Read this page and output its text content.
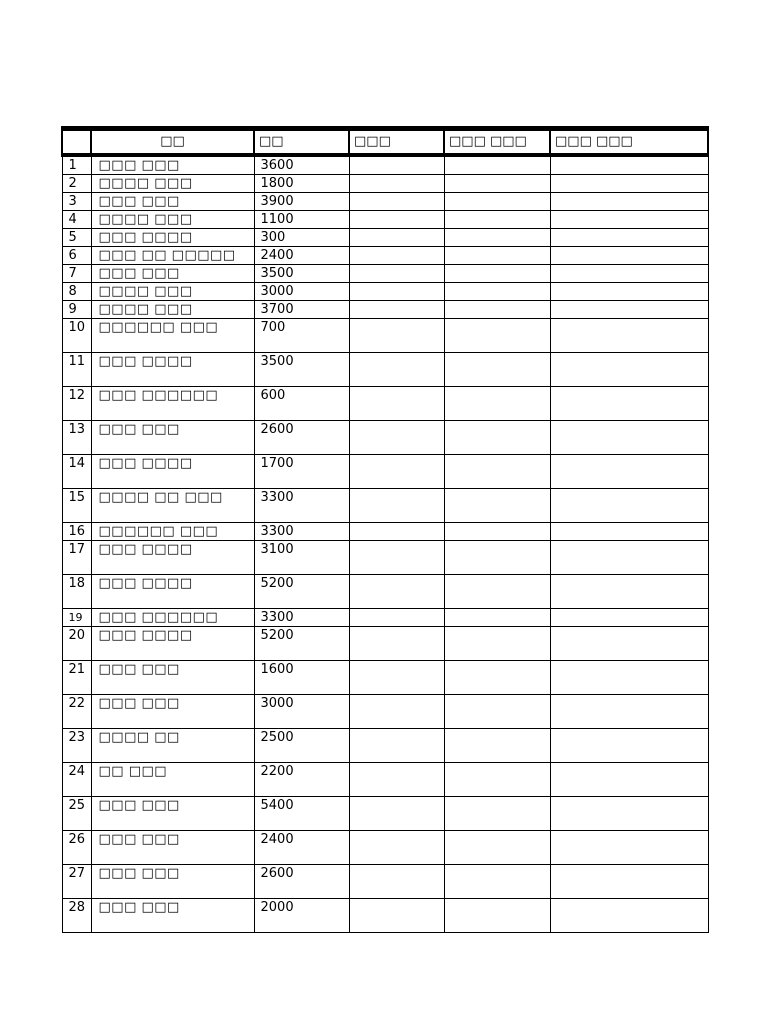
	□□	□□	□□□	□□□ □□□	□□□ □□□
1	□□□ □□□	3600			
2	□□□□ □□□	1800			
3	□□□ □□□	3900			
4	□□□□ □□□	1100			
5	□□□ □□□□	300			
6	□□□ □□ □□□□□	2400			
7	□□□ □□□	3500			
8	□□□□ □□□	3000			
9	□□□□ □□□	3700			
10	□□□□□□ □□□	700			
11	□□□ □□□□	3500			
12	□□□ □□□□□□	600			
13	□□□ □□□	2600			
14	□□□ □□□□	1700			
15	□□□□ □□ □□□	3300			
16	□□□□□□ □□□	3300			
17	□□□ □□□□	3100			
18	□□□ □□□□	5200			
19	□□□ □□□□□□	3300			
20	□□□ □□□□	5200			
21	□□□ □□□	1600			
22	□□□ □□□	3000			
23	□□□□ □□	2500			
24	□□ □□□	2200			
25	□□□ □□□	5400			
26	□□□ □□□	2400			
27	□□□ □□□	2600			
28	□□□ □□□	2000			
